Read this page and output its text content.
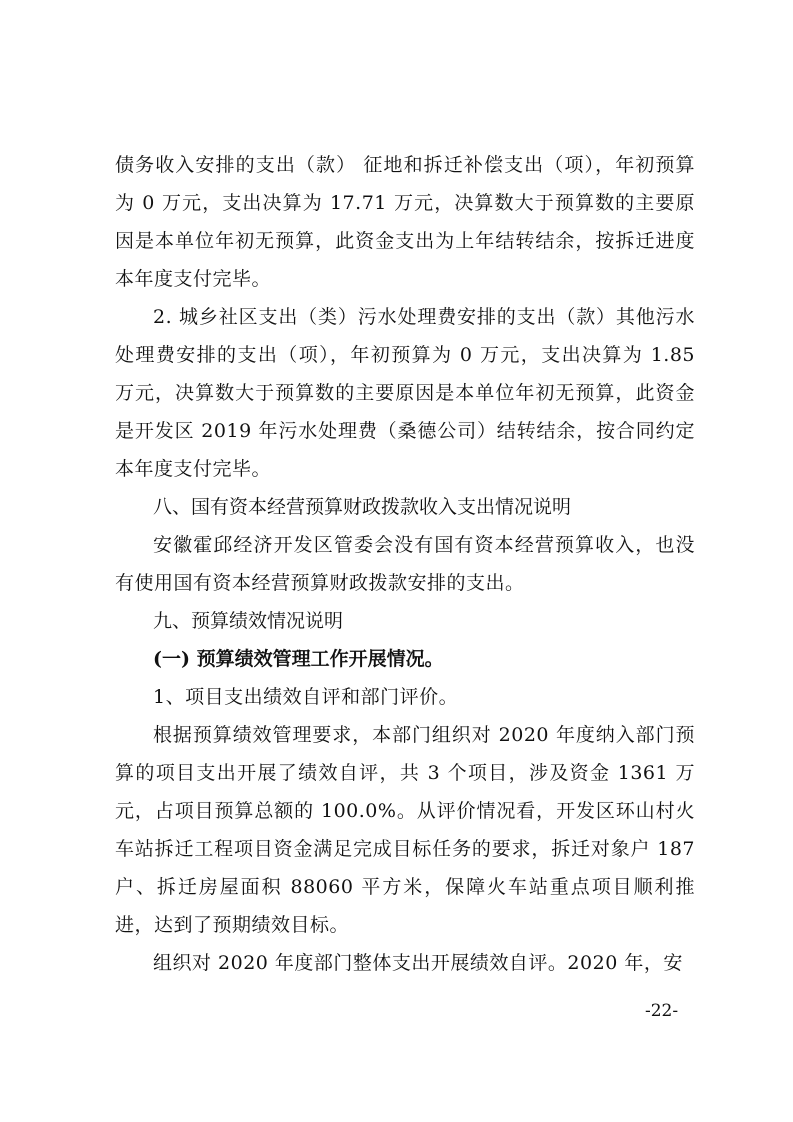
债务收入安排的支出（款） 征地和拆迁补偿支出（项），年初预算为 0 万元，支出决算为 17.71 万元，决算数大于预算数的主要原因是本单位年初无预算，此资金支出为上年结转结余，按拆迁进度本年度支付完毕。

2. 城乡社区支出（类）污水处理费安排的支出（款）其他污水处理费安排的支出（项），年初预算为 0 万元，支出决算为 1.85 万元，决算数大于预算数的主要原因是本单位年初无预算，此资金是开发区 2019 年污水处理费（桑德公司）结转结余，按合同约定本年度支付完毕。

八、国有资本经营预算财政拨款收入支出情况说明

安徽霍邱经济开发区管委会没有国有资本经营预算收入，也没有使用国有资本经营预算财政拨款安排的支出。

九、预算绩效情况说明
(一) 预算绩效管理工作开展情况。

1、项目支出绩效自评和部门评价。

根据预算绩效管理要求，本部门组织对 2020 年度纳入部门预算的项目支出开展了绩效自评，共 3 个项目，涉及资金 1361 万元，占项目预算总额的 100.0%。从评价情况看，开发区环山村火车站拆迁工程项目资金满足完成目标任务的要求，拆迁对象户 187 户、拆迁房屋面积 88060 平方米，保障火车站重点项目顺利推进，达到了预期绩效目标。

组织对 2020 年度部门整体支出开展绩效自评。2020 年，安

-22-
